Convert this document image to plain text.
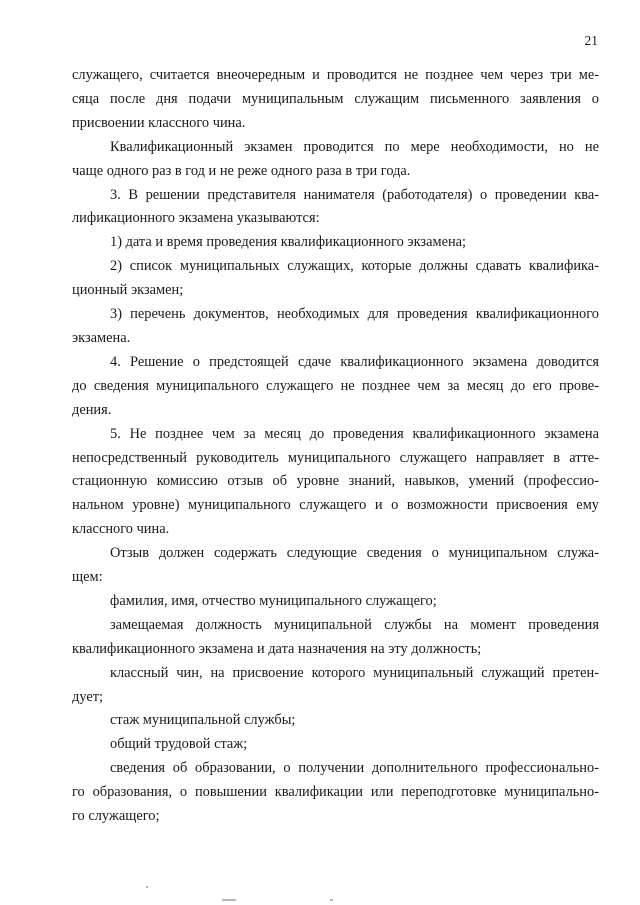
21

служащего, считается внеочередным и проводится не позднее чем через три ме-
сяца после дня подачи муниципальным служащим письменного заявления о
присвоении классного чина.

Квалификационный экзамен проводится по мере необходимости, но не
чаще одного раз в год и не реже одного раза в три года.

3. В решении представителя нанимателя (работодателя) о проведении ква-
лификационного экзамена указываются:

1) дата и время проведения квалификационного экзамена;

2) список муниципальных служащих, которые должны сдавать квалифика-
ционный экзамен;

3) перечень документов, необходимых для проведения квалификационного
экзамена.

4. Решение о предстоящей сдаче квалификационного экзамена доводится
до сведения муниципального служащего не позднее чем за месяц до его прове-
дения.

5. Не позднее чем за месяц до проведения квалификационного экзамена
непосредственный руководитель муниципального служащего направляет в атте-
стационную комиссию отзыв об уровне знаний, навыков, умений (профессио-
нальном уровне) муниципального служащего и о возможности присвоения ему
классного чина.

Отзыв должен содержать следующие сведения о муниципальном служа-
щем:

фамилия, имя, отчество муниципального служащего;

замещаемая должность муниципальной службы на момент проведения
квалификационного экзамена и дата назначения на эту должность;

классный чин, на присвоение которого муниципальный служащий претен-
дует;

стаж муниципальной службы;

общий трудовой стаж;

сведения об образовании, о получении дополнительного профессионально-
го образования, о повышении квалификации или переподготовке муниципально-
го служащего;
